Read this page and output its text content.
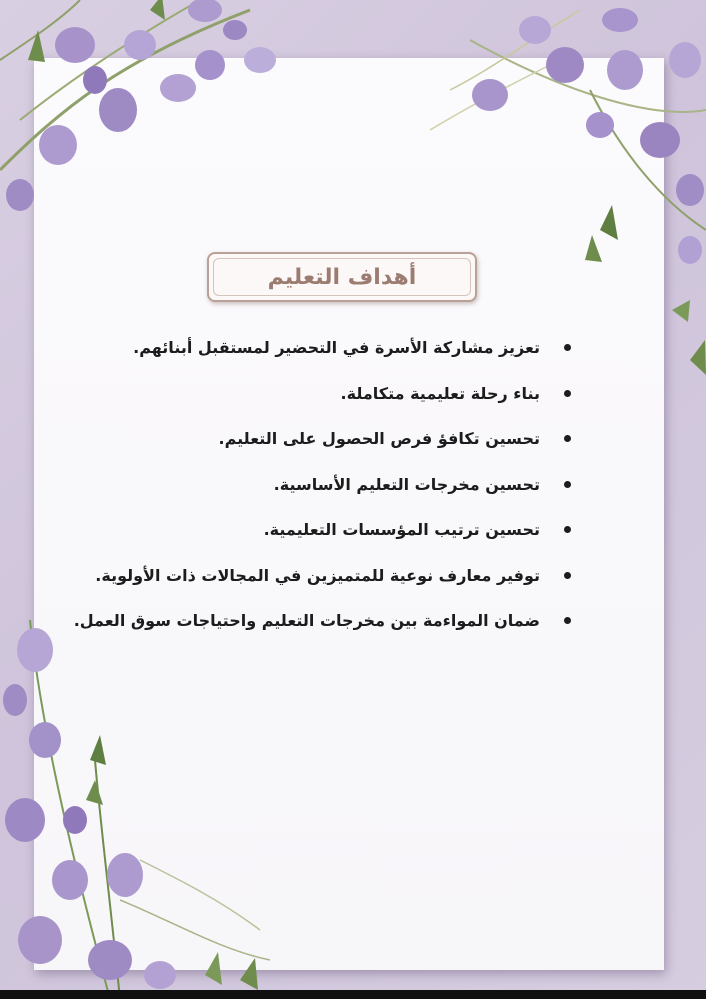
أهداف التعليم
تعزيز مشاركة الأسرة في التحضير لمستقبل أبنائهم.
بناء رحلة تعليمية متكاملة.
تحسين تكافؤ فرص الحصول على التعليم.
تحسين مخرجات التعليم الأساسية.
تحسين ترتيب المؤسسات التعليمية.
توفير معارف نوعية للمتميزين في المجالات ذات الأولوية.
ضمان المواءمة بين مخرجات التعليم واحتياجات سوق العمل.
